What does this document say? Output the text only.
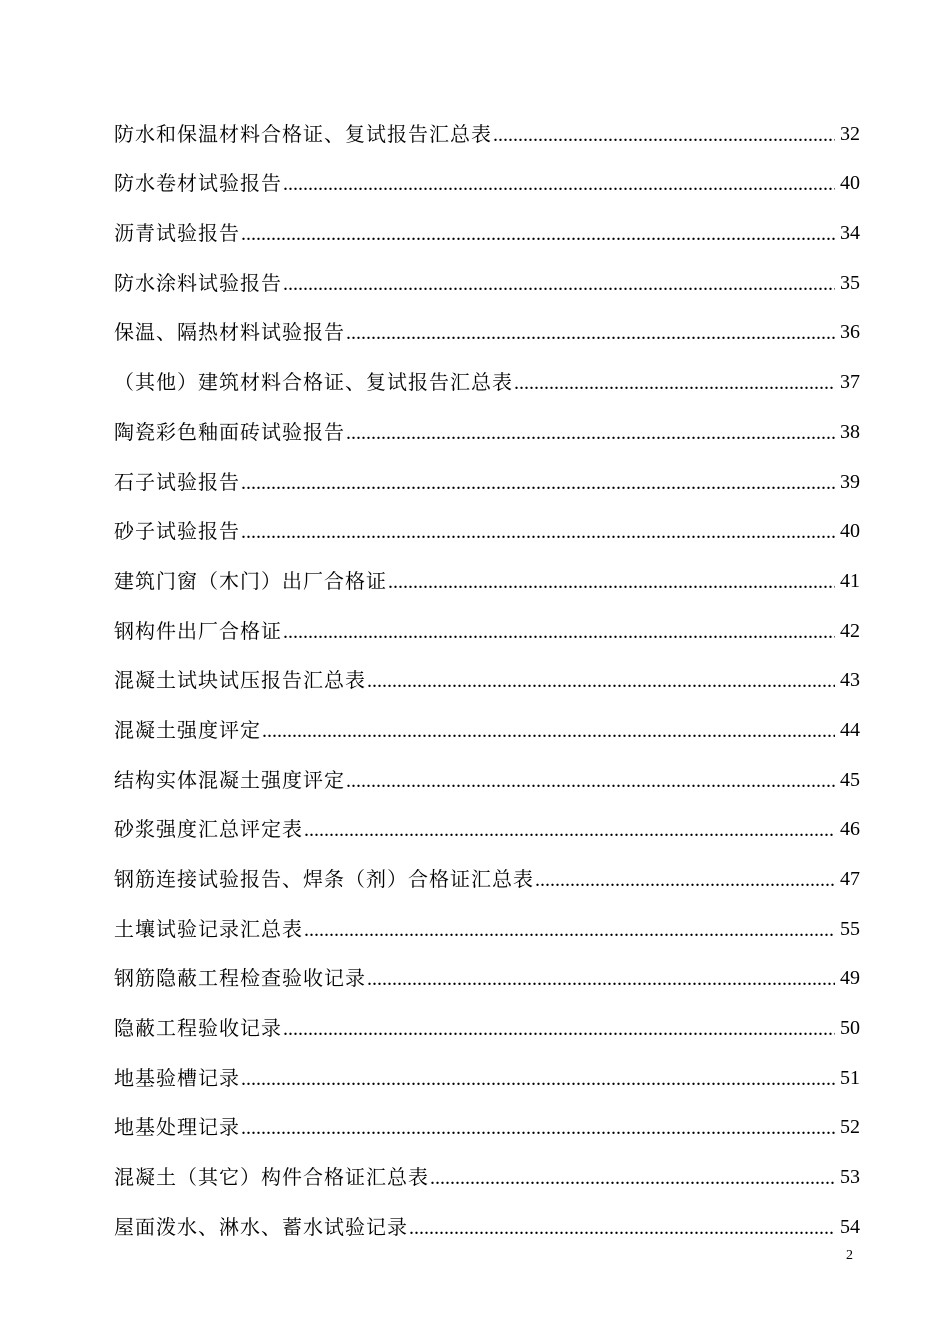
防水和保温材料合格证、复试报告汇总表 .....	32
防水卷材试验报告 .....	40
沥青试验报告 .....	34
防水涂料试验报告 .....	35
保温、隔热材料试验报告 .....	36
（其他）建筑材料合格证、复试报告汇总表 .....	37
陶瓷彩色釉面砖试验报告 .....	38
石子试验报告 .....	39
砂子试验报告 .....	40
建筑门窗（木门）出厂合格证 .....	41
钢构件出厂合格证 .....	42
混凝土试块试压报告汇总表 .....	43
混凝土强度评定 .....	44
结构实体混凝土强度评定 .....	45
砂浆强度汇总评定表 .....	46
钢筋连接试验报告、焊条（剂）合格证汇总表 .....	47
土壤试验记录汇总表 .....	55
钢筋隐蔽工程检查验收记录 .....	49
隐蔽工程验收记录 .....	50
地基验槽记录 .....	51
地基处理记录 .....	52
混凝土（其它）构件合格证汇总表 .....	53
屋面泼水、淋水、蓄水试验记录 .....	54
2
